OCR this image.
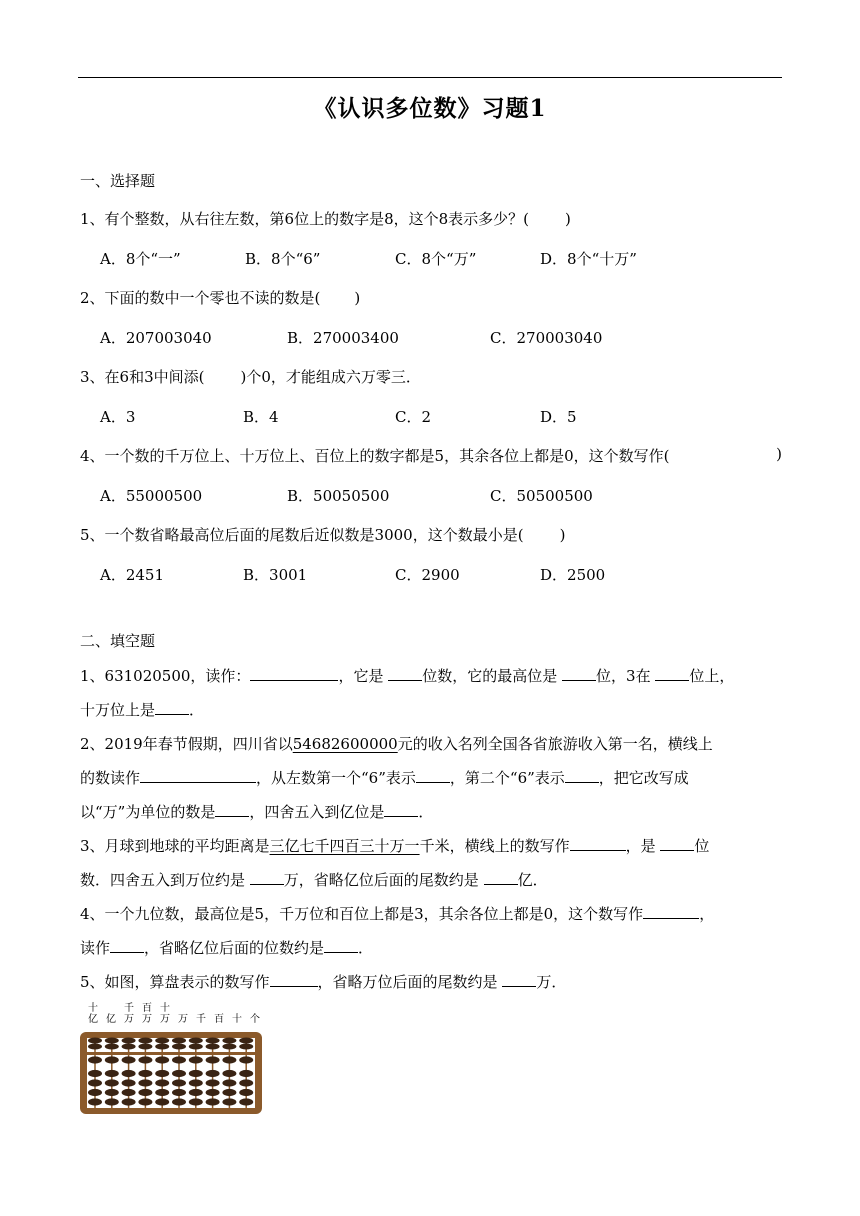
《认识多位数》习题1
一、选择题
1、有个整数，从右往左数，第6位上的数字是8，这个8表示多少？( )
A．8个“一”	B．8个“6”	C．8个“万”	D．8个“十万”
2、下面的数中一个零也不读的数是( )
A．207003040	B．270003400	C．270003040
3、在6和3中间添( )个0，才能组成六万零三．
A．3	B．4	C．2	D．5
4、一个数的千万位上、十万位上、百位上的数字都是5，其余各位上都是0，这个数写作(	)
A．55000500	B．50050500	C．50500500
5、一个数省略最高位后面的尾数后近似数是3000，这个数最小是( )
A．2451	B．3001	C．2900	D．2500
二、填空题
1、631020500，读作：	，它是	位数，它的最高位是	位，3在	位上，
十万位上是 ．
2、2019年春节假期，四川省以54682600000元的收入名列全国各省旅游收入第一名，横线上
的数读作	，从左数第一个“6”表示 ，第二个“6”表示 ，把它改写成
以“万”为单位的数是 ，四舍五入到亿位是 ．
3、月球到地球的平均距离是三亿七千四百三十万一千米，横线上的数写作	，是	位
数．四舍五入到万位约是	万，省略亿位后面的尾数约是	亿．
4、一个九位数，最高位是5，千万位和百位上都是3，其余各位上都是0，这个数写作	，
读作 ，省略亿位后面的位数约是 ．
5、如图，算盘表示的数写作	，省略万位后面的尾数约是	万．
十	千 百 十
亿 亿 万 万 万 万 千 百 十 个
